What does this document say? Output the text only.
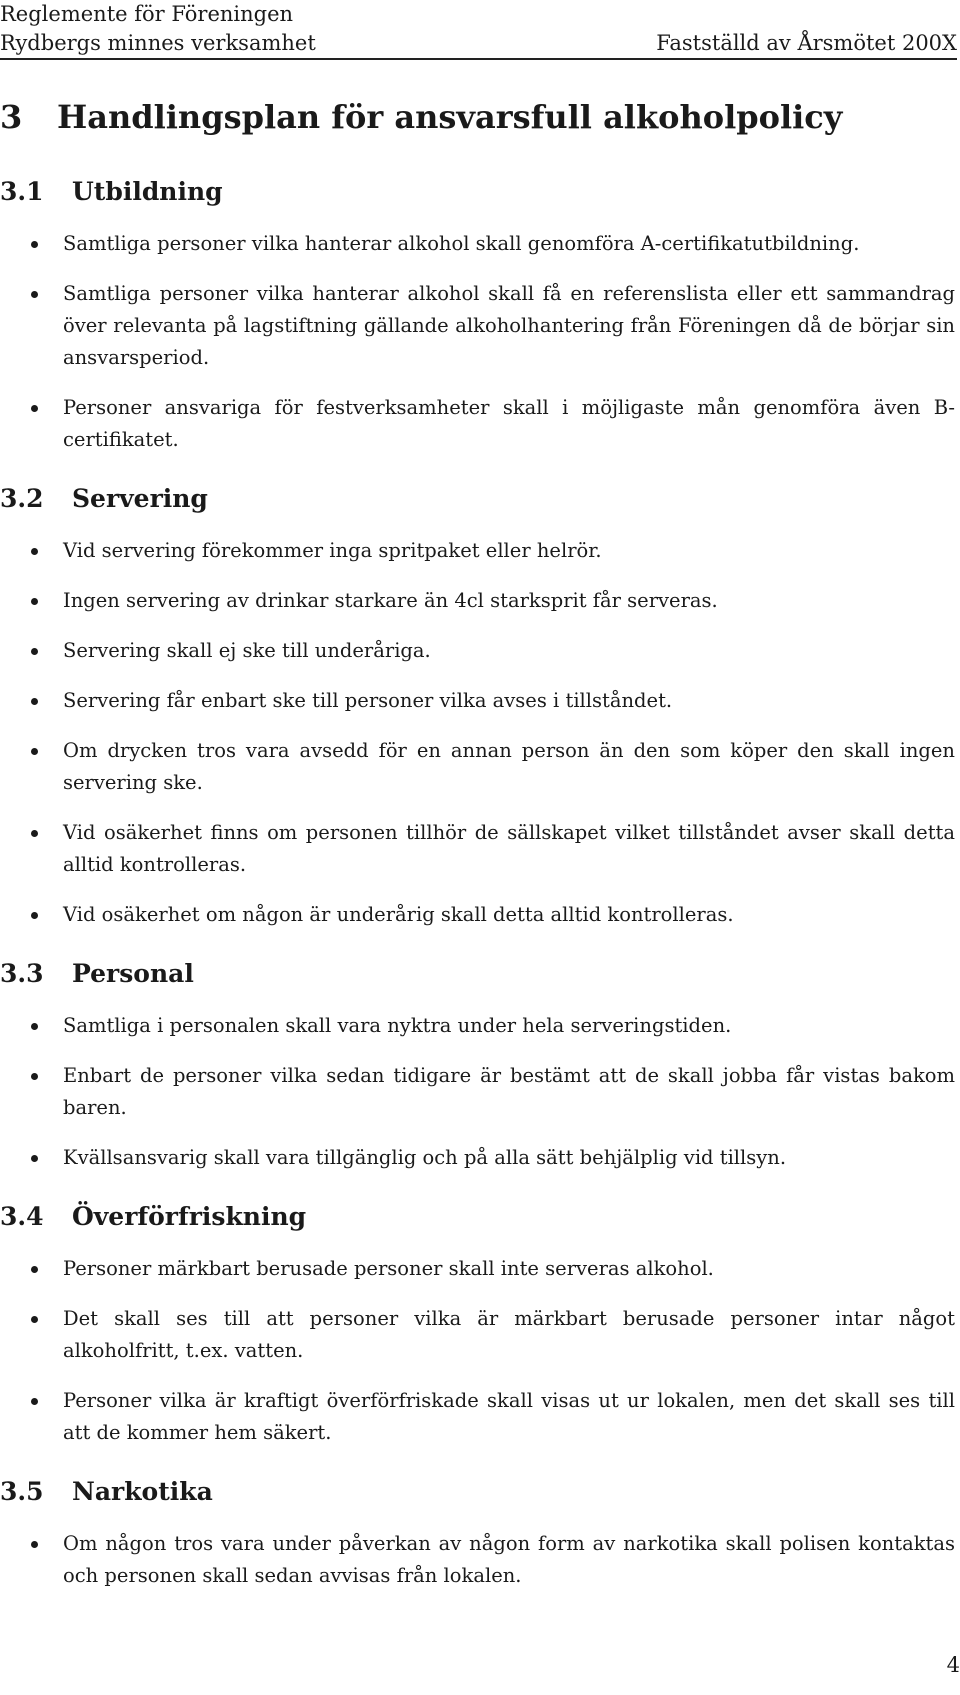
Reglemente för Föreningen
Rydbergs minnes verksamhet	Fastställd av Årsmötet 200X
3	Handlingsplan för ansvarsfull alkoholpolicy
3.1	Utbildning
Samtliga personer vilka hanterar alkohol skall genomföra A-certifikatutbildning.
Samtliga personer vilka hanterar alkohol skall få en referenslista eller ett sammandrag över relevanta på lagstiftning gällande alkoholhantering från Föreningen då de börjar sin ansvarsperiod.
Personer ansvariga för festverksamheter skall i möjligaste mån genomföra även B-certifikatet.
3.2	Servering
Vid servering förekommer inga spritpaket eller helrör.
Ingen servering av drinkar starkare än 4cl starksprit får serveras.
Servering skall ej ske till underåriga.
Servering får enbart ske till personer vilka avses i tillståndet.
Om drycken tros vara avsedd för en annan person än den som köper den skall ingen servering ske.
Vid osäkerhet finns om personen tillhör de sällskapet vilket tillståndet avser skall detta alltid kontrolleras.
Vid osäkerhet om någon är underårig skall detta alltid kontrolleras.
3.3	Personal
Samtliga i personalen skall vara nyktra under hela serveringstiden.
Enbart de personer vilka sedan tidigare är bestämt att de skall jobba får vistas bakom baren.
Kvällsansvarig skall vara tillgänglig och på alla sätt behjälplig vid tillsyn.
3.4	Överförfriskning
Personer märkbart berusade personer skall inte serveras alkohol.
Det skall ses till att personer vilka är märkbart berusade personer intar något alkoholfritt, t.ex. vatten.
Personer vilka är kraftigt överförfriskade skall visas ut ur lokalen, men det skall ses till att de kommer hem säkert.
3.5	Narkotika
Om någon tros vara under påverkan av någon form av narkotika skall polisen kontaktas och personen skall sedan avvisas från lokalen.
4
